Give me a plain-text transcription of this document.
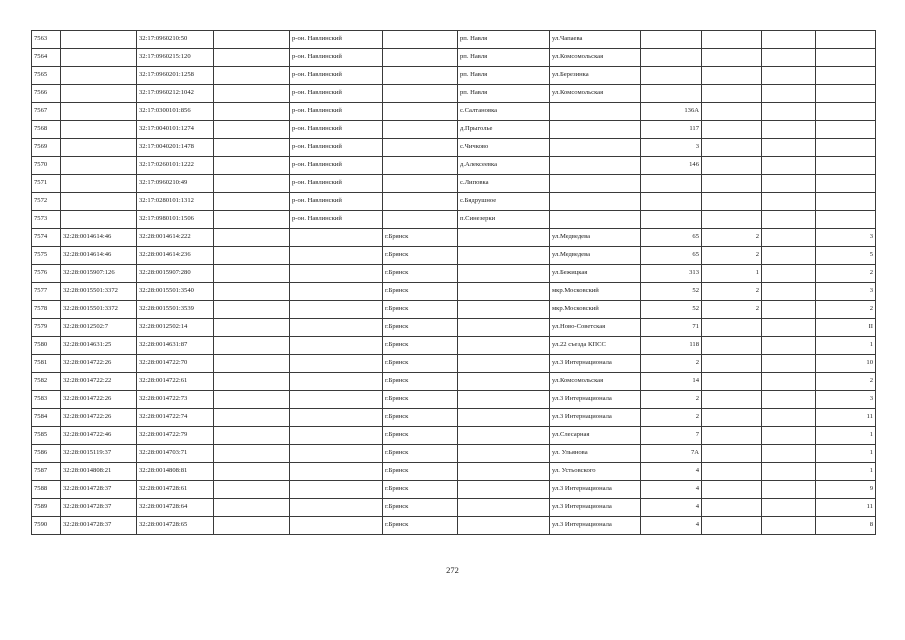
7563		32:17:0960210:50		р-он. Навлинский		рп. Навля	ул.Чапаева				
7564		32:17:0960215:120		р-он. Навлинский		рп. Навля	ул.Комсомольская				
7565		32:17:0960201:1258		р-он. Навлинский		рп. Навля	ул.Березинка				
7566		32:17:0960212:1042		р-он. Навлинский		рп. Навля	ул.Комсомольская				
7567		32:17:0300101:856		р-он. Навлинский		с.Салтановка		136А			
7568		32:17:0040101:1274		р-он. Навлинский		д.Прыголье		117			
7569		32:17:0040201:1478		р-он. Навлинский		с.Чичково		3			
7570		32:17:0260101:1222		р-он. Навлинский		д.Алексеевка		146			
7571		32:17:0960210:49		р-он. Навлинский		с.Липовка					
7572		32:17:0280101:1312		р-он. Навлинский		с.Бядрушное					
7573		32:17:0980101:1506		р-он. Навлинский		п.Синезерки					
7574	32:28:0014614:46	32:28:0014614:222			г.Брянск		ул.Медведева	65	2		3
7575	32:28:0014614:46	32:28:0014614:236			г.Брянск		ул.Медведева	65	2		5
7576	32:28:0015907:126	32:28:0015907:280			г.Брянск		ул.Бежицкая	313	1		2
7577	32:28:0015501:3372	32:28:0015501:3540			г.Брянск		мкр.Московский	52	2		3
7578	32:28:0015501:3372	32:28:0015501:3539			г.Брянск		мкр.Московский	52	2		2
7579	32:28:0012502:7	32:28:0012502:14			г.Брянск		ул.Ново-Советская	71			II
7580	32:28:0014631:25	32:28:0014631:87			г.Брянск		ул.22 съезда КПСС	118			1
7581	32:28:0014722:26	32:28:0014722:70			г.Брянск		ул.3 Интернационала	2			10
7582	32:28:0014722:22	32:28:0014722:61			г.Брянск		ул.Комсомольская	14			2
7583	32:28:0014722:26	32:28:0014722:73			г.Брянск		ул.3 Интернационала	2			3
7584	32:28:0014722:26	32:28:0014722:74			г.Брянск		ул.3 Интернационала	2			11
7585	32:28:0014722:46	32:28:0014722:79			г.Брянск		ул.Слесарная	7			1
7586	32:28:0015119:37	32:28:0014703:71			г.Брянск		ул. Ульянова	7А			1
7587	32:28:0014808:21	32:28:0014808:81			г.Брянск		ул. Устьовского	4			1
7588	32:28:0014728:37	32:28:0014728:61			г.Брянск		ул.3 Интернационала	4			9
7589	32:28:0014728:37	32:28:0014728:64			г.Брянск		ул.3 Интернационала	4			11
7590	32:28:0014728:37	32:28:0014728:65			г.Брянск		ул.3 Интернационала	4			8
272
